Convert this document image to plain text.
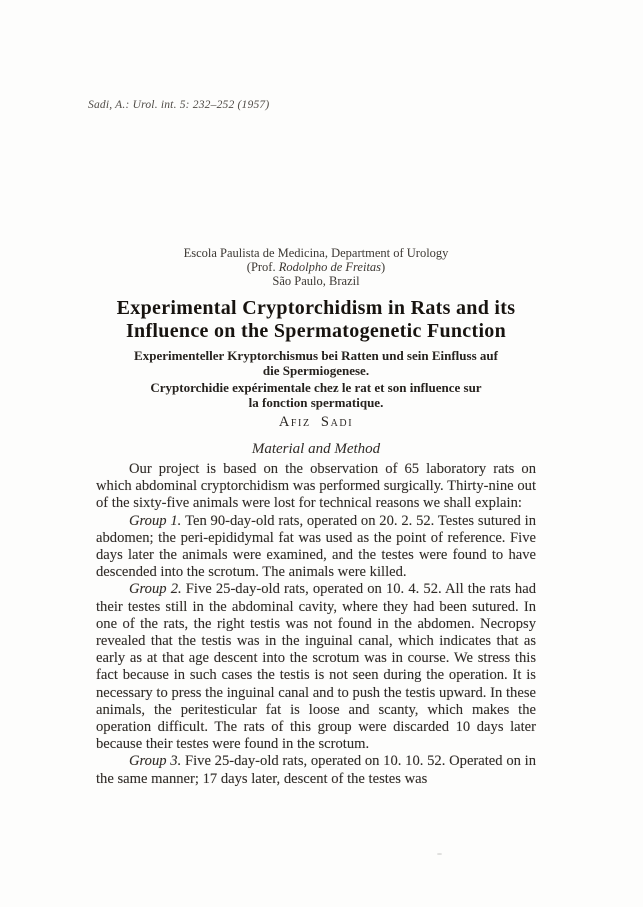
Sadi, A.: Urol. int. 5: 232–252 (1957)
Escola Paulista de Medicina, Department of Urology
(Prof. Rodolpho de Freitas)
São Paulo, Brazil
Experimental Cryptorchidism in Rats and its
Influence on the Spermatogenetic Function
Experimenteller Kryptorchismus bei Ratten und sein Einfluss auf
die Spermiogenese.
Cryptorchidie expérimentale chez le rat et son influence sur
la fonction spermatique.
Afiz Sadi
Material and Method

Our project is based on the observation of 65 laboratory rats on which abdominal cryptorchidism was performed surgically. Thirty-nine out of the sixty-five animals were lost for technical reasons we shall explain:

Group 1. Ten 90-day-old rats, operated on 20. 2. 52. Testes sutured in abdomen; the peri-epididymal fat was used as the point of reference. Five days later the animals were examined, and the testes were found to have descended into the scrotum. The animals were killed.

Group 2. Five 25-day-old rats, operated on 10. 4. 52. All the rats had their testes still in the abdominal cavity, where they had been sutured. In one of the rats, the right testis was not found in the abdomen. Necropsy revealed that the testis was in the inguinal canal, which indicates that as early as at that age descent into the scrotum was in course. We stress this fact because in such cases the testis is not seen during the operation. It is necessary to press the inguinal canal and to push the testis upward. In these animals, the peritesticular fat is loose and scanty, which makes the operation difficult. The rats of this group were discarded 10 days later because their testes were found in the scrotum.

Group 3. Five 25-day-old rats, operated on 10. 10. 52. Operated on in the same manner; 17 days later, descent of the testes was
